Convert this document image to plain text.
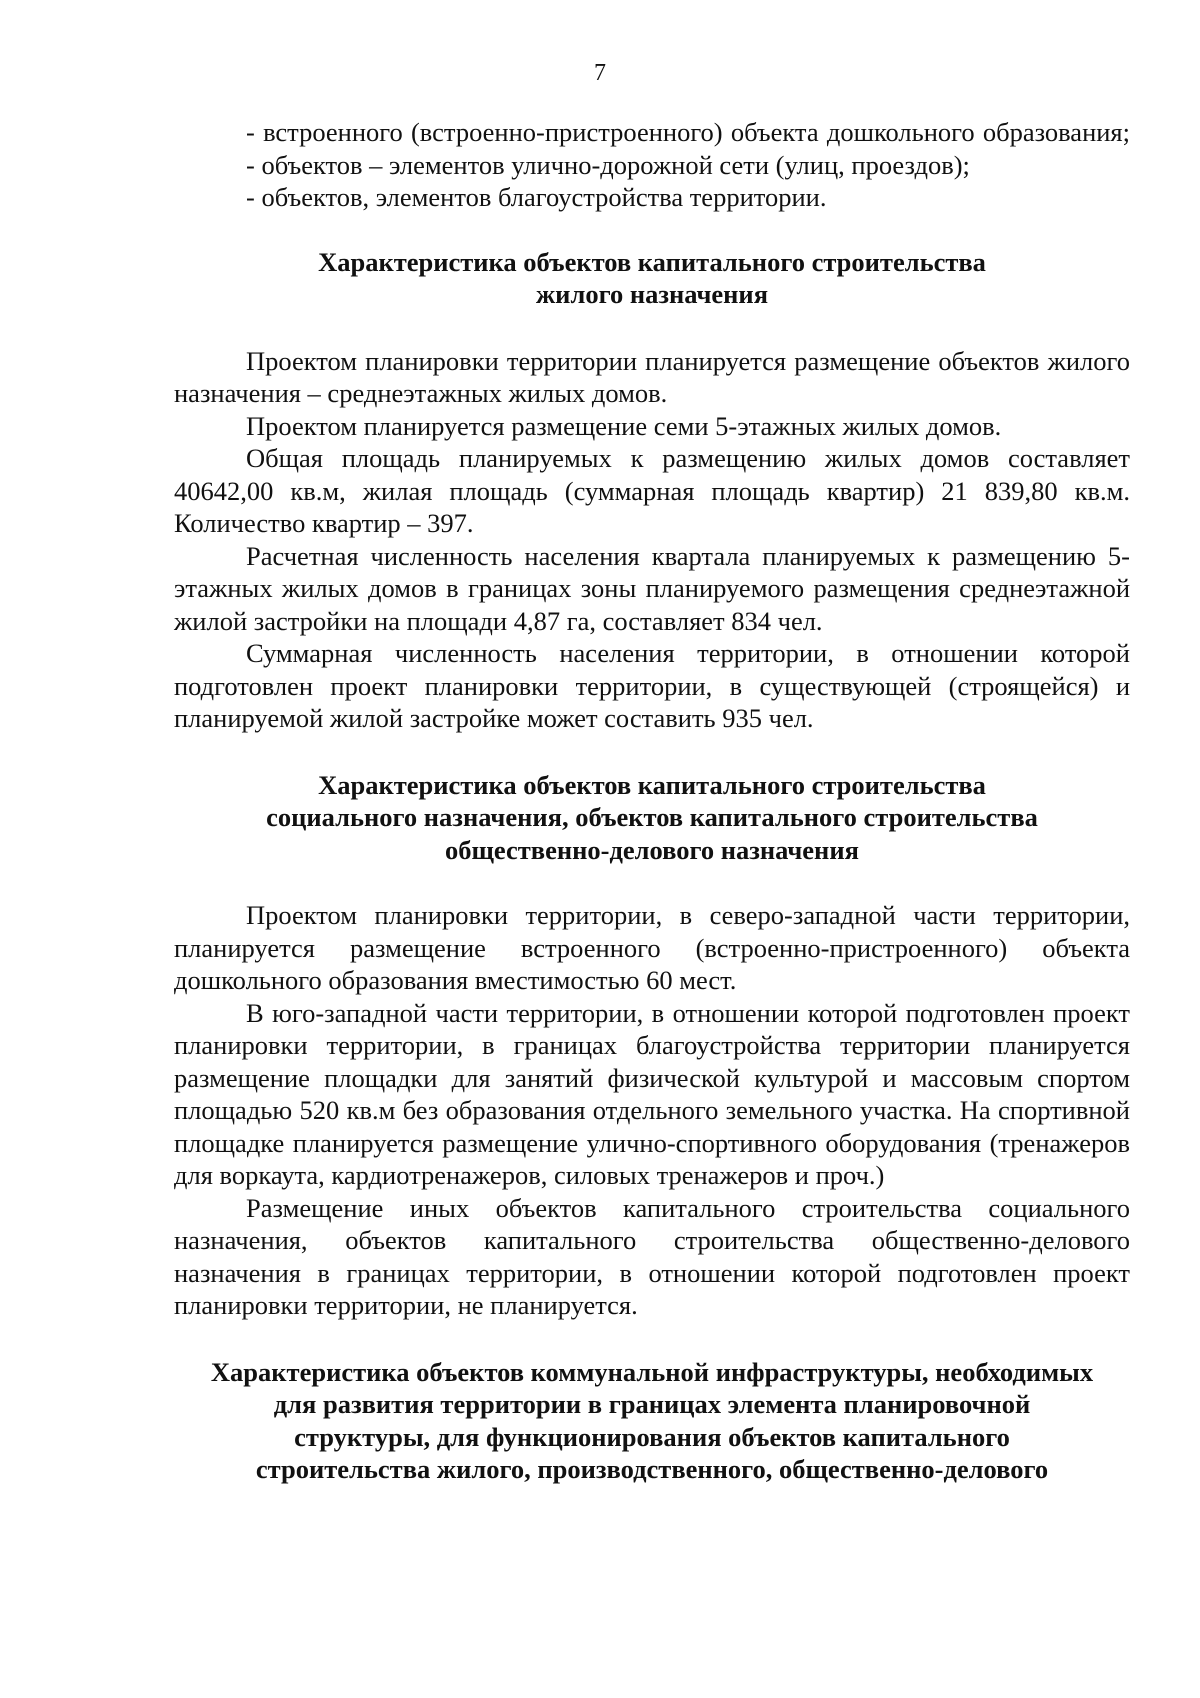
7

- встроенного (встроенно-пристроенного) объекта дошкольного образования;

- объектов – элементов улично-дорожной сети (улиц, проездов);

- объектов, элементов благоустройства территории.

Характеристика объектов капитального строительства
жилого назначения

Проектом планировки территории планируется размещение объектов жилого назначения – среднеэтажных жилых домов.

Проектом планируется размещение семи 5-этажных жилых домов.

Общая площадь планируемых к размещению жилых домов составляет 40642,00 кв.м, жилая площадь (суммарная площадь квартир) 21 839,80 кв.м. Количество квартир – 397.

Расчетная численность населения квартала планируемых к размещению 5-этажных жилых домов в границах зоны планируемого размещения среднеэтажной жилой застройки на площади 4,87 га, составляет 834 чел.

Суммарная численность населения территории, в отношении которой подготовлен проект планировки территории, в существующей (строящейся) и планируемой жилой застройке может составить 935 чел.

Характеристика объектов капитального строительства
социального назначения, объектов капитального строительства
общественно-делового назначения

Проектом планировки территории, в северо-западной части территории, планируется размещение встроенного (встроенно-пристроенного) объекта дошкольного образования вместимостью 60 мест.

В юго-западной части территории, в отношении которой подготовлен проект планировки территории, в границах благоустройства территории планируется размещение площадки для занятий физической культурой и массовым спортом площадью 520 кв.м без образования отдельного земельного участка. На спортивной площадке планируется размещение улично-спортивного оборудования (тренажеров для воркаута, кардиотренажеров, силовых тренажеров и проч.)

Размещение иных объектов капитального строительства социального назначения, объектов капитального строительства общественно-делового назначения в границах территории, в отношении которой подготовлен проект планировки территории, не планируется.

Характеристика объектов коммунальной инфраструктуры, необходимых
для развития территории в границах элемента планировочной
структуры, для функционирования объектов капитального
строительства жилого, производственного, общественно-делового
